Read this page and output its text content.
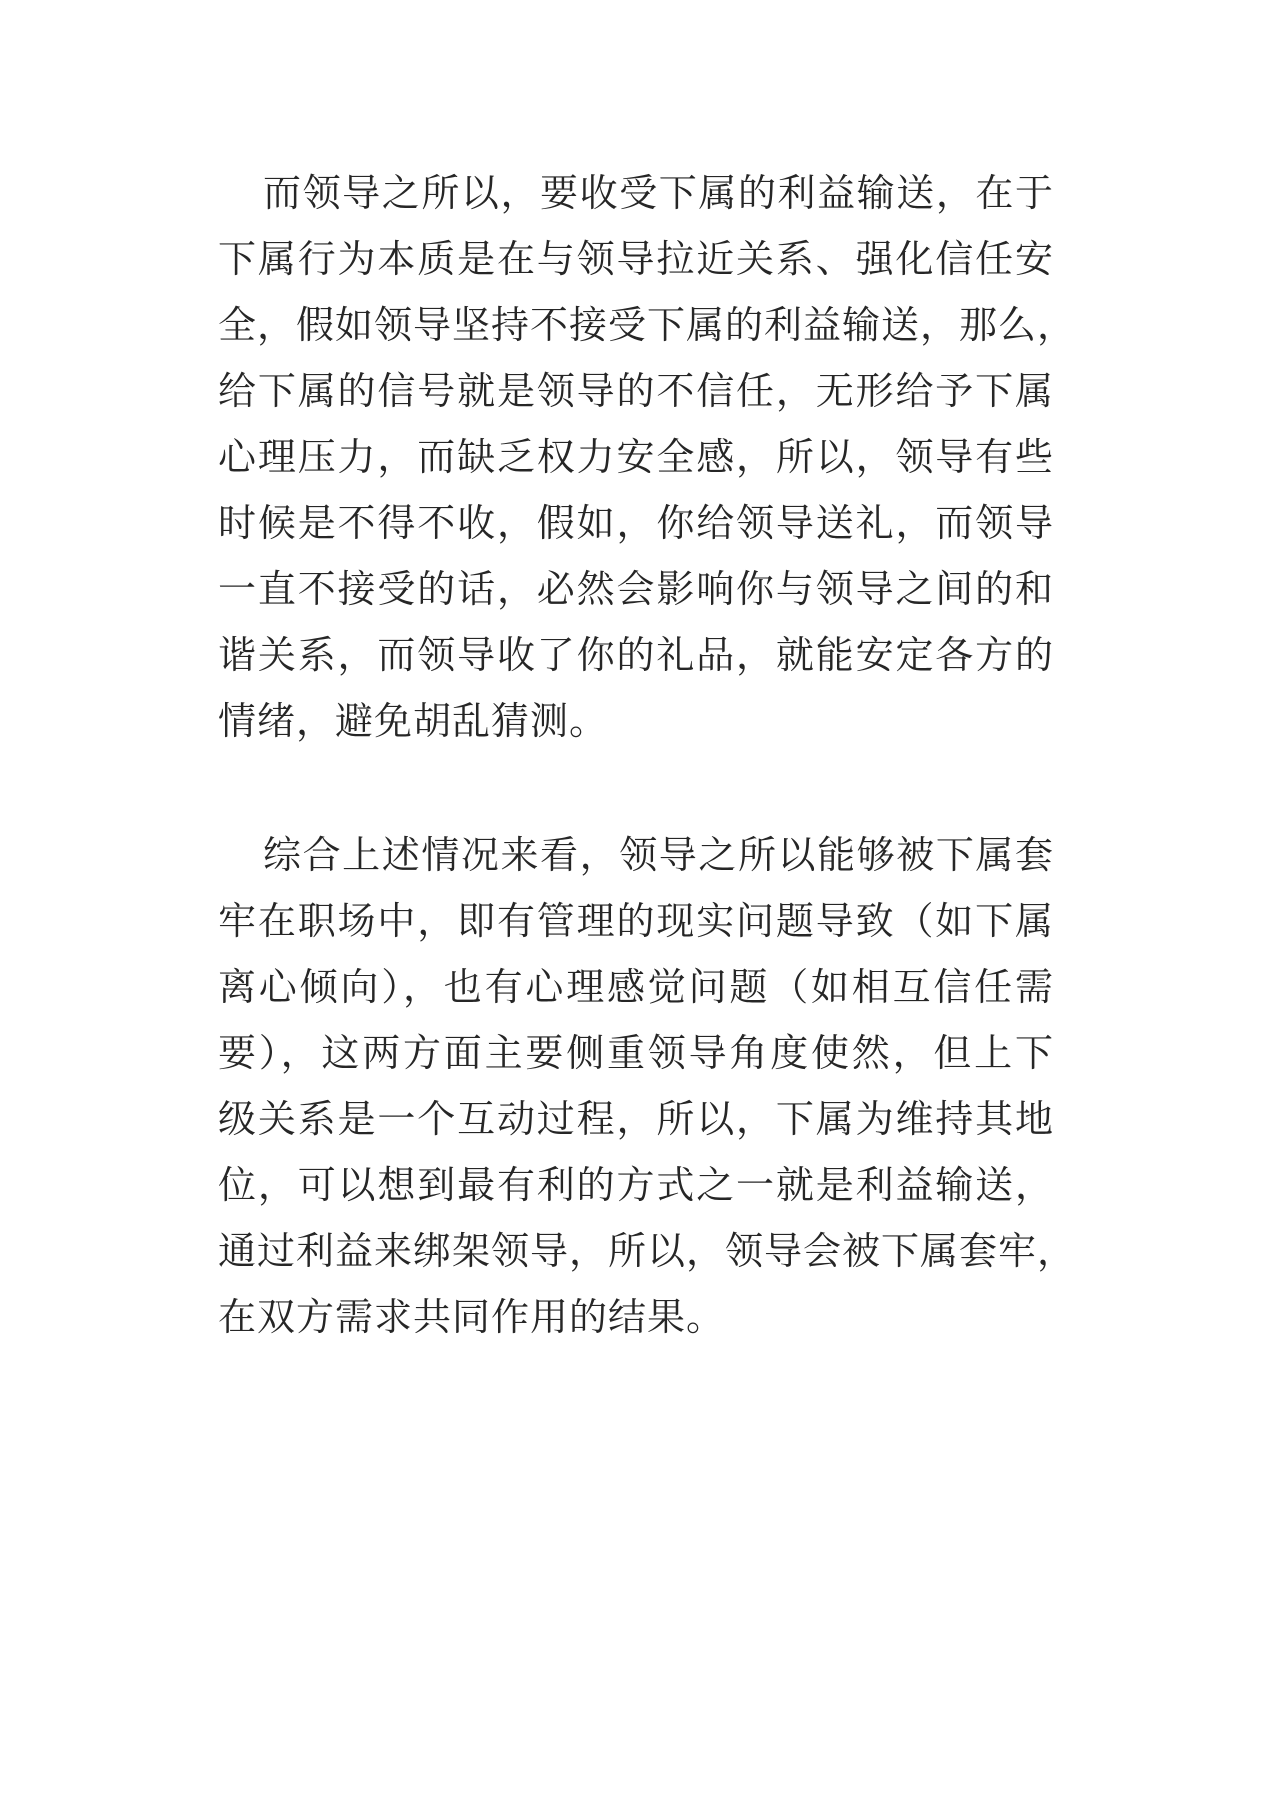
而领导之所以，要收受下属的利益输送，在于
下属行为本质是在与领导拉近关系、强化信任安
全，假如领导坚持不接受下属的利益输送，那么，
给下属的信号就是领导的不信任，无形给予下属
心理压力，而缺乏权力安全感，所以，领导有些
时候是不得不收，假如，你给领导送礼，而领导
一直不接受的话，必然会影响你与领导之间的和
谐关系，而领导收了你的礼品，就能安定各方的
情绪，避免胡乱猜测。
综合上述情况来看，领导之所以能够被下属套
牢在职场中，即有管理的现实问题导致（如下属
离心倾向），也有心理感觉问题（如相互信任需
要），这两方面主要侧重领导角度使然，但上下
级关系是一个互动过程，所以，下属为维持其地
位，可以想到最有利的方式之一就是利益输送，
通过利益来绑架领导，所以，领导会被下属套牢，
在双方需求共同作用的结果。
